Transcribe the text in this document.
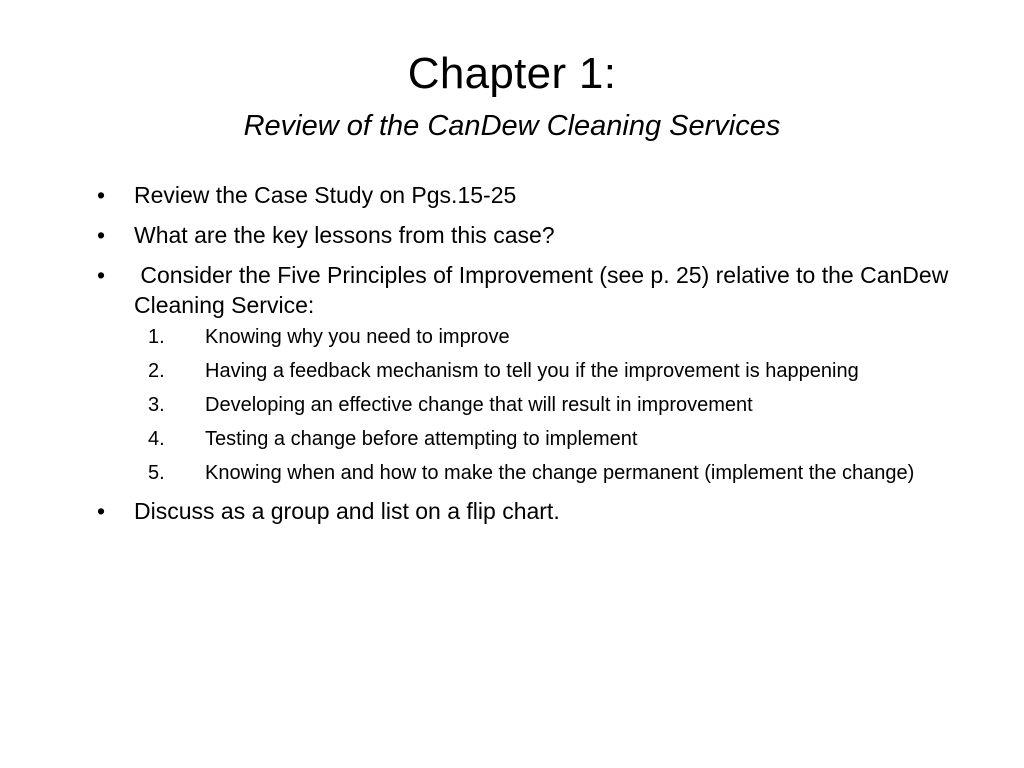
Chapter 1:
Review of the CanDew Cleaning Services
•	Review the Case Study on Pgs.15-25
•	What are the key lessons from this case?
•	Consider the Five Principles of Improvement (see p. 25) relative to the CanDew Cleaning Service:
1.	Knowing why you need to improve
2.	Having a feedback mechanism to tell you if the improvement is happening
3.	Developing an effective change that will result in improvement
4.	Testing a change before attempting to implement
5.	Knowing when and how to make the change permanent (implement the change)
•	Discuss as a group and list on a flip chart.
